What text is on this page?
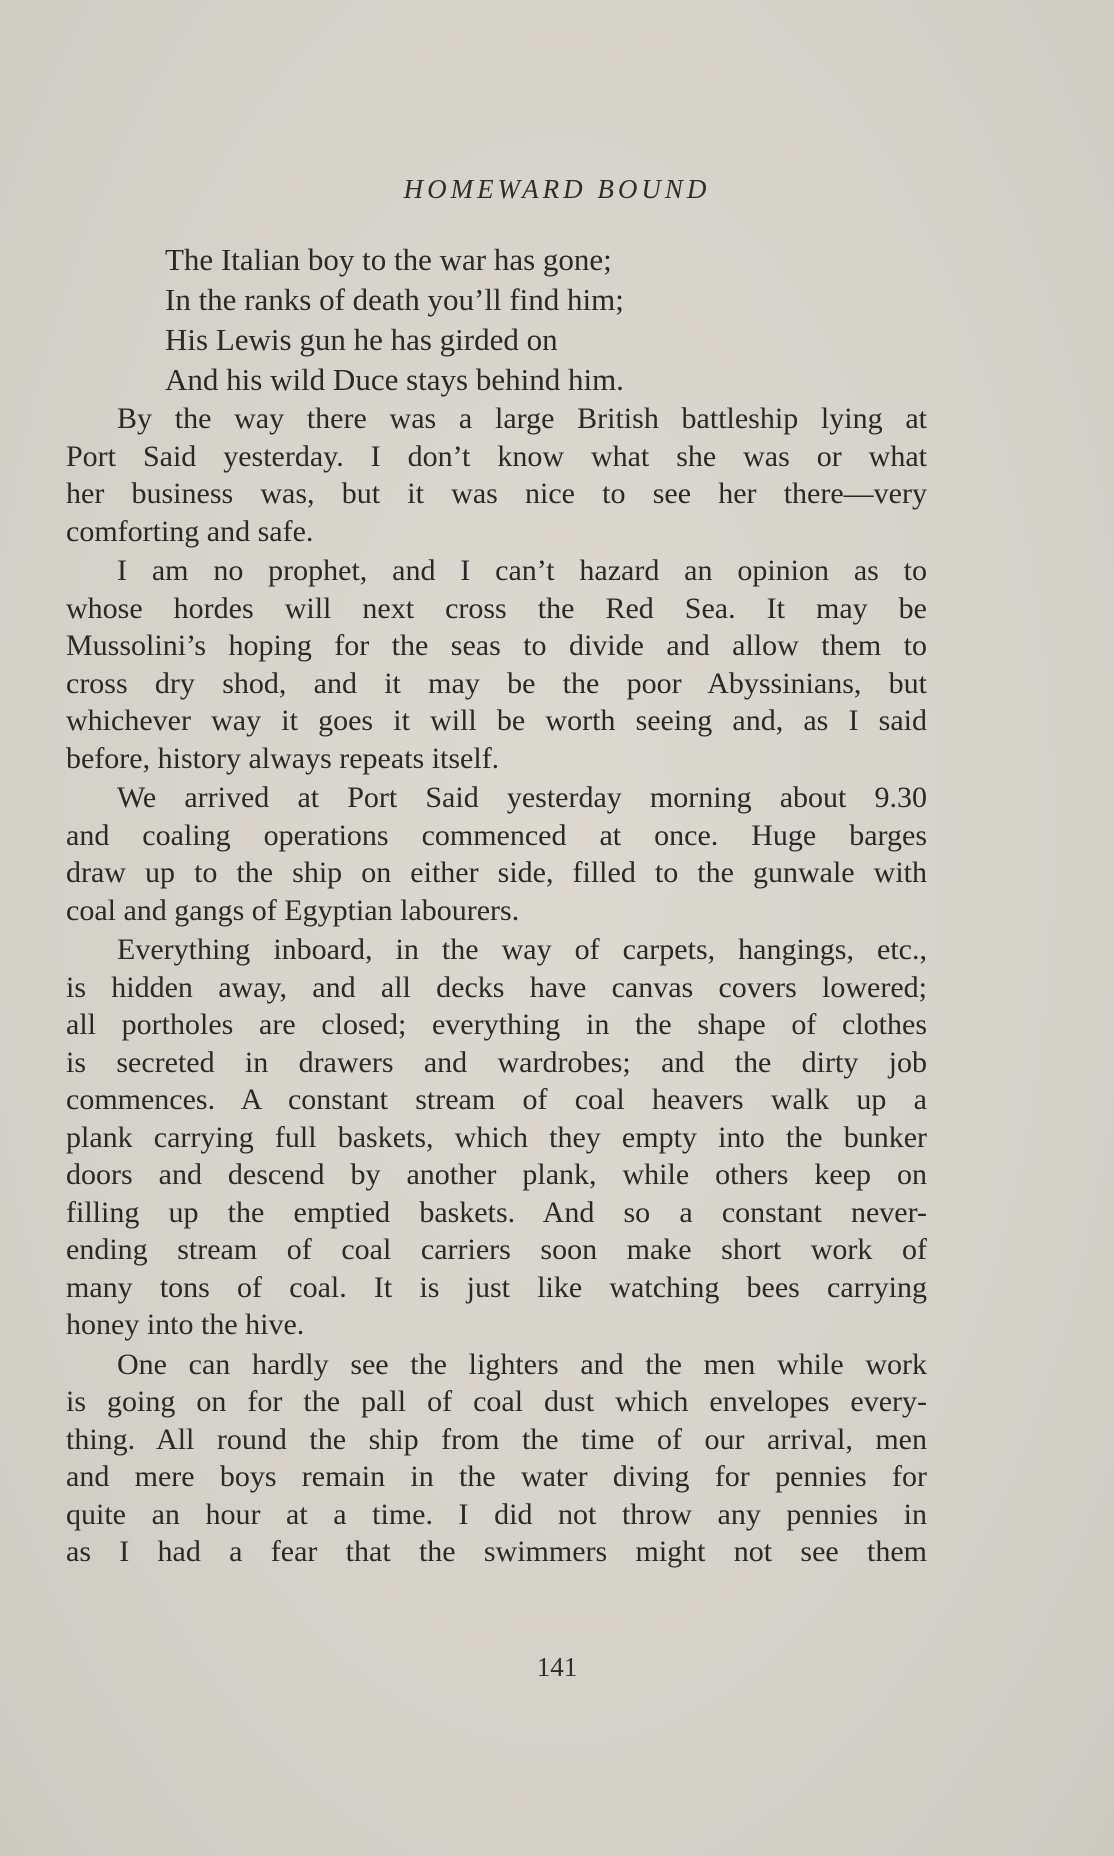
HOMEWARD BOUND
The Italian boy to the war has gone;
In the ranks of death you’ll find him;
His Lewis gun he has girded on
And his wild Duce stays behind him.
By the way there was a large British battleship lying at
Port Said yesterday. I don’t know what she was or what
her business was, but it was nice to see her there—very
comforting and safe.
I am no prophet, and I can’t hazard an opinion as to
whose hordes will next cross the Red Sea. It may be
Mussolini’s hoping for the seas to divide and allow them to
cross dry shod, and it may be the poor Abyssinians, but
whichever way it goes it will be worth seeing and, as I said
before, history always repeats itself.
We arrived at Port Said yesterday morning about 9.30
and coaling operations commenced at once. Huge barges
draw up to the ship on either side, filled to the gunwale with
coal and gangs of Egyptian labourers.
Everything inboard, in the way of carpets, hangings, etc.,
is hidden away, and all decks have canvas covers lowered;
all portholes are closed; everything in the shape of clothes
is secreted in drawers and wardrobes; and the dirty job
commences. A constant stream of coal heavers walk up a
plank carrying full baskets, which they empty into the bunker
doors and descend by another plank, while others keep on
filling up the emptied baskets. And so a constant never-
ending stream of coal carriers soon make short work of
many tons of coal. It is just like watching bees carrying
honey into the hive.
One can hardly see the lighters and the men while work
is going on for the pall of coal dust which envelopes every-
thing. All round the ship from the time of our arrival, men
and mere boys remain in the water diving for pennies for
quite an hour at a time. I did not throw any pennies in
as I had a fear that the swimmers might not see them
141
